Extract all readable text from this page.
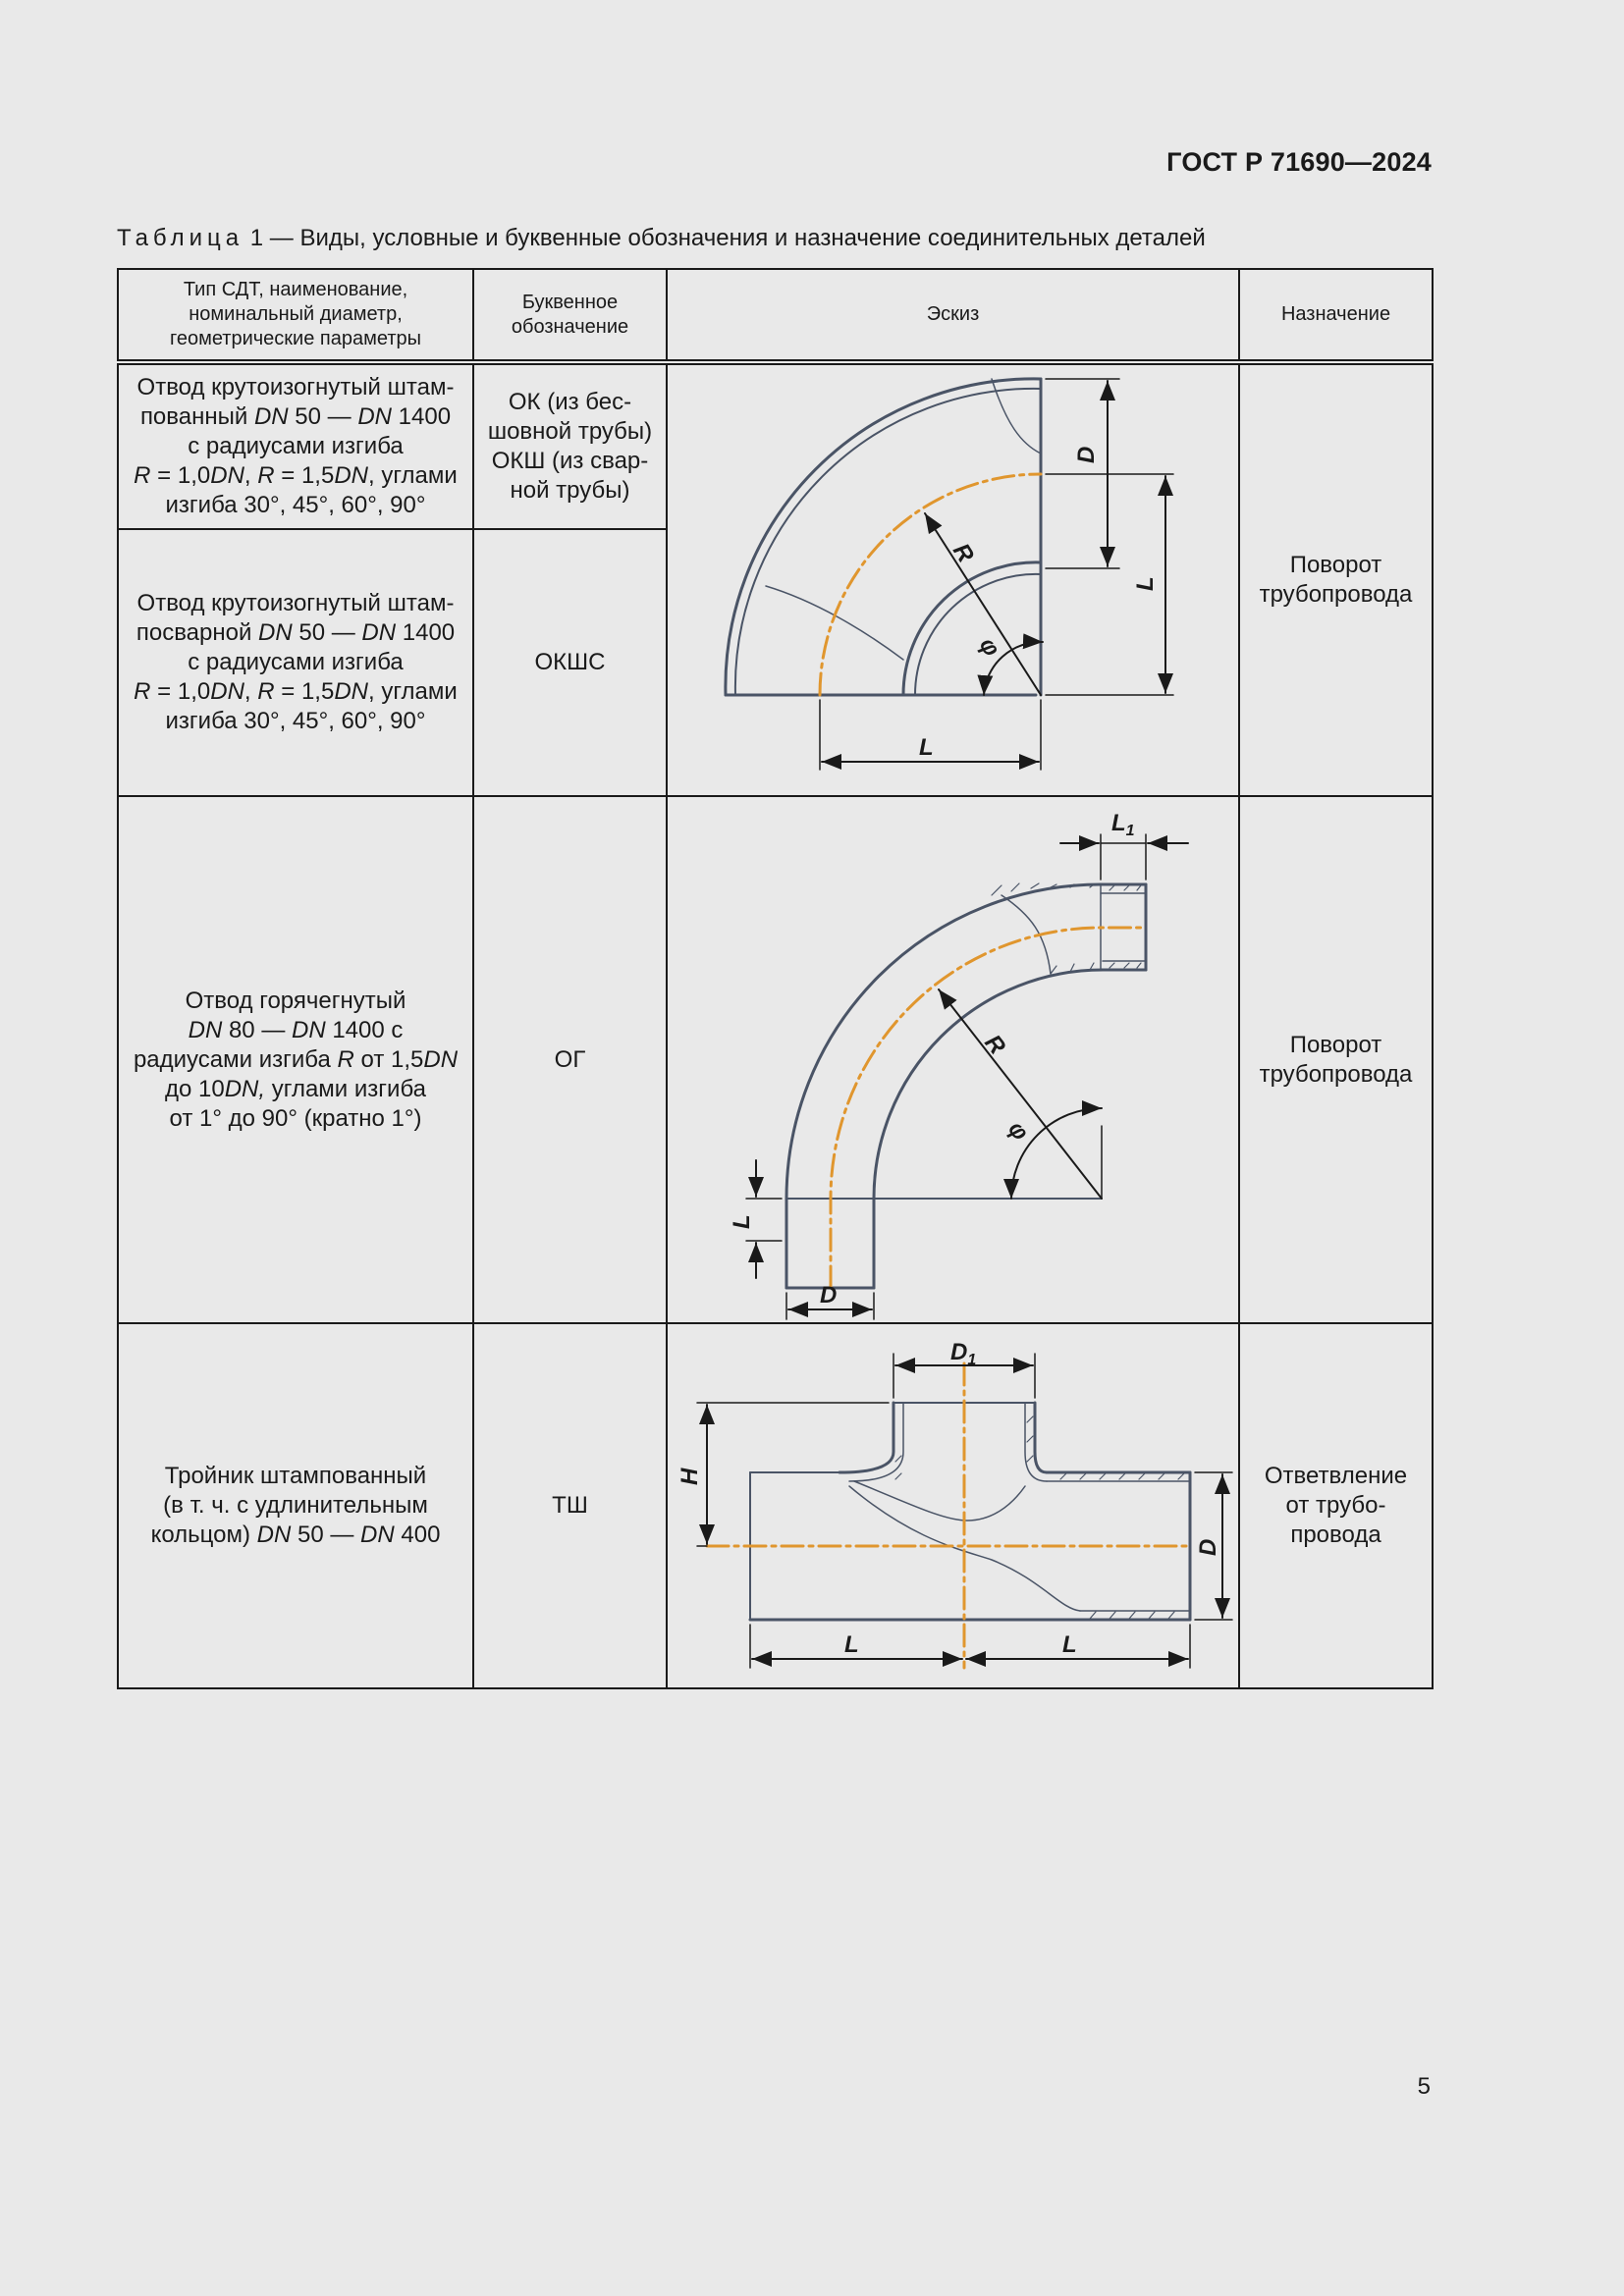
ГОСТ Р 71690—2024
Таблица 1 — Виды, условные и буквенные обозначения и назначение соединительных деталей
Тип СДТ, наименование, номинальный диаметр, геометрические параметры	Буквенное обозначение	Эскиз	Назначение
Отвод крутоизогнутый штам-
пованный DN 50 — DN 1400
с радиусами изгиба
R = 1,0DN, R = 1,5DN, углами
изгиба 30°, 45°, 60°, 90°	ОК (из бес-
шовной трубы)
ОКШ (из свар-
ной трубы)	D
L
R
φ
L	Поворот
трубопровода
Отвод крутоизогнутый штам-
посварной DN 50 — DN 1400
с радиусами изгиба
R = 1,0DN, R = 1,5DN, углами
изгиба 30°, 45°, 60°, 90°	ОКШС		
Отвод горячегнутый
DN 80 — DN 1400 с
радиусами изгиба R от 1,5DN
до 10DN, углами изгиба
от 1° до 90° (кратно 1°)	ОГ	$L_1$
R
φ
L
D	Поворот
трубопровода
Тройник штампованный
(в т. ч. с удлинительным
кольцом) DN 50 — DN 400	ТШ	$D_1$
H
D
L L	Ответвление
от трубо-
провода
5
